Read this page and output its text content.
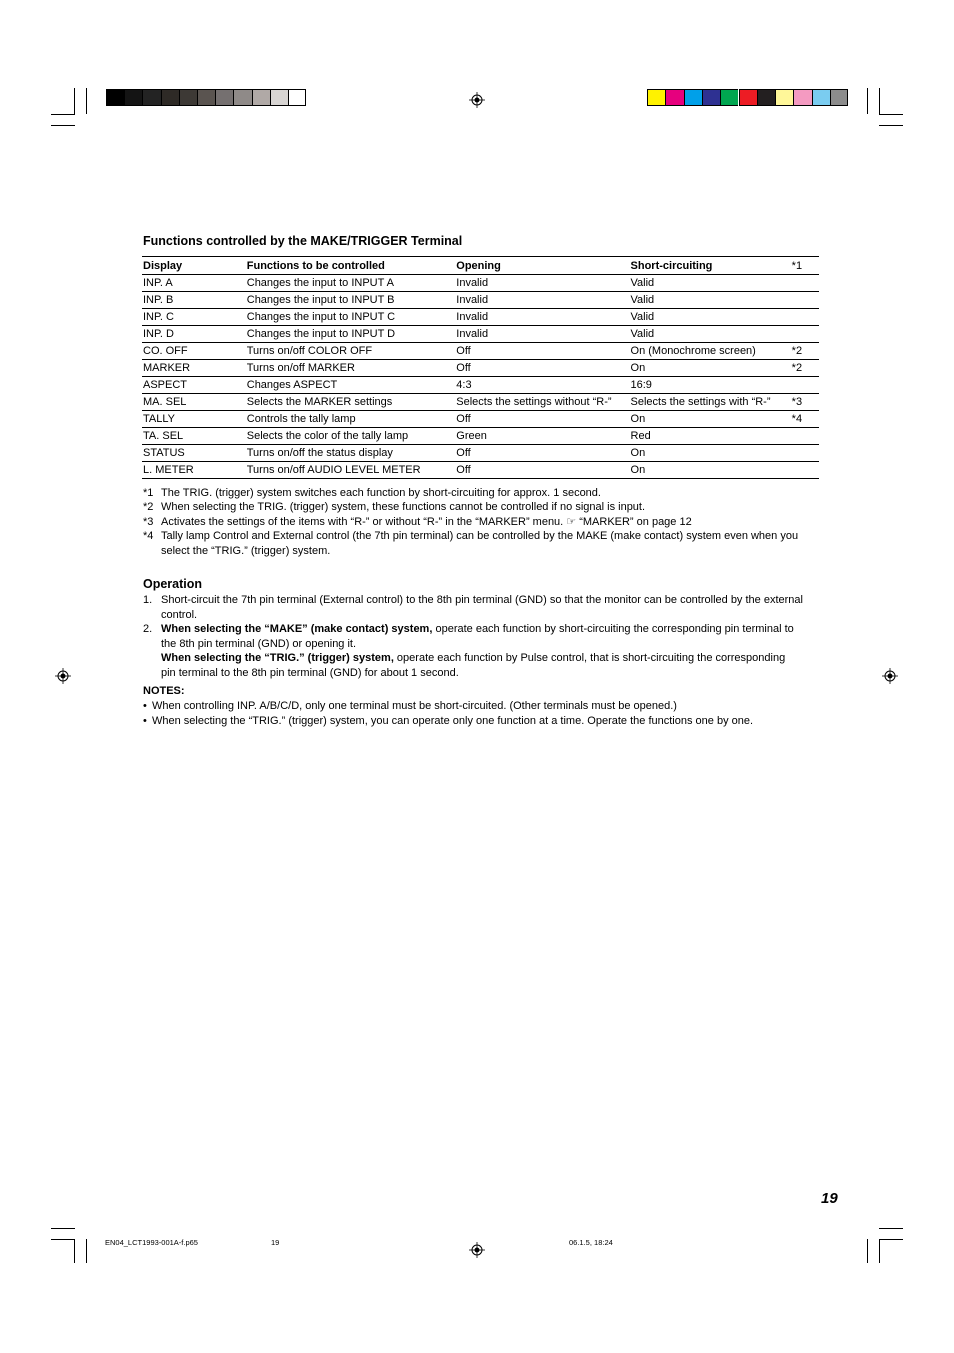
Functions controlled by the MAKE/TRIGGER Terminal
Display	Functions to be controlled	Opening	Short-circuiting	*1
INP. A	Changes the input to INPUT A	Invalid	Valid	
INP. B	Changes the input to INPUT B	Invalid	Valid	
INP. C	Changes the input to INPUT C	Invalid	Valid	
INP. D	Changes the input to INPUT D	Invalid	Valid	
CO. OFF	Turns on/off COLOR OFF	Off	On (Monochrome screen)	*2
MARKER	Turns on/off MARKER	Off	On	*2
ASPECT	Changes ASPECT	4:3	16:9	
MA. SEL	Selects the MARKER settings	Selects the settings without “R-”	Selects the settings with “R-”	*3
TALLY	Controls the tally lamp	Off	On	*4
TA. SEL	Selects the color of the tally lamp	Green	Red	
STATUS	Turns on/off the status display	Off	On	
L. METER	Turns on/off AUDIO LEVEL METER	Off	On	
*1 The TRIG. (trigger) system switches each function by short-circuiting for approx. 1 second.
*2 When selecting the TRIG. (trigger) system, these functions cannot be controlled if no signal is input.
*3 Activates the settings of the items with “R-” or without “R-” in the “MARKER” menu. ☞ “MARKER” on page 12
*4 Tally lamp Control and External control (the 7th pin terminal) can be controlled by the MAKE (make contact) system even when you select the “TRIG.” (trigger) system.
Operation
1. Short-circuit the 7th pin terminal (External control) to the 8th pin terminal (GND) so that the monitor can be controlled by the external control.
2. When selecting the “MAKE” (make contact) system, operate each function by short-circuiting the corresponding pin terminal to the 8th pin terminal (GND) or opening it.
When selecting the “TRIG.” (trigger) system, operate each function by Pulse control, that is short-circuiting the corresponding pin terminal to the 8th pin terminal (GND) for about 1 second.
NOTES:
• When controlling INP. A/B/C/D, only one terminal must be short-circuited. (Other terminals must be opened.)
• When selecting the “TRIG.” (trigger) system, you can operate only one function at a time. Operate the functions one by one.
19
EN04_LCT1993-001A-f.p65	19	06.1.5, 18:24
